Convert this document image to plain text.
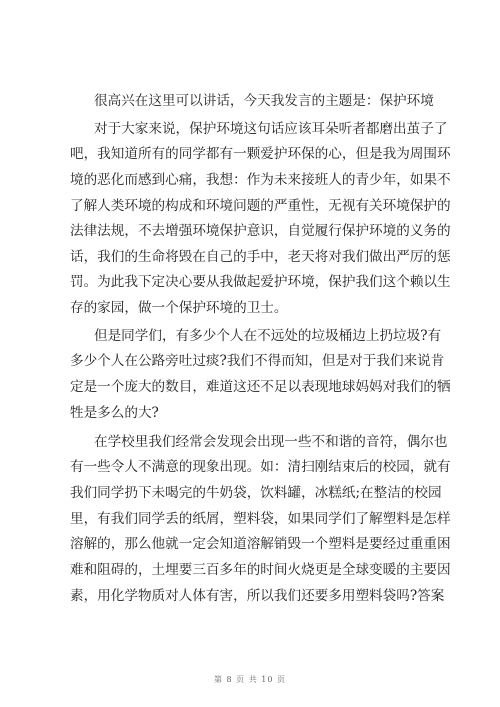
很高兴在这里可以讲话，今天我发言的主题是：保护环境
对于大家来说，保护环境这句话应该耳朵听者都磨出茧子了
吧，我知道所有的同学都有一颗爱护环保的心，但是我为周围环
境的恶化而感到心痛，我想：作为未来接班人的青少年，如果不
了解人类环境的构成和环境问题的严重性，无视有关环境保护的
法律法规，不去增强环境保护意识，自觉履行保护环境的义务的
话，我们的生命将毁在自己的手中，老天将对我们做出严厉的惩
罚。为此我下定决心要从我做起爱护环境，保护我们这个赖以生
存的家园，做一个保护环境的卫士。
但是同学们，有多少个人在不远处的垃圾桶边上扔垃圾?有
多少个人在公路旁吐过痰?我们不得而知，但是对于我们来说肯
定是一个庞大的数目，难道这还不足以表现地球妈妈对我们的牺
牲是多么的大?
在学校里我们经常会发现会出现一些不和谐的音符，偶尔也
有一些令人不满意的现象出现。如：清扫刚结束后的校园，就有
我们同学扔下未喝完的牛奶袋，饮料罐，冰糕纸;在整洁的校园
里，有我们同学丢的纸屑，塑料袋，如果同学们了解塑料是怎样
溶解的，那么他就一定会知道溶解销毁一个塑料是要经过重重困
难和阻碍的，土埋要三百多年的时间火烧更是全球变暖的主要因
素，用化学物质对人体有害，所以我们还要多用塑料袋吗?答案
第 8 页 共 10 页
